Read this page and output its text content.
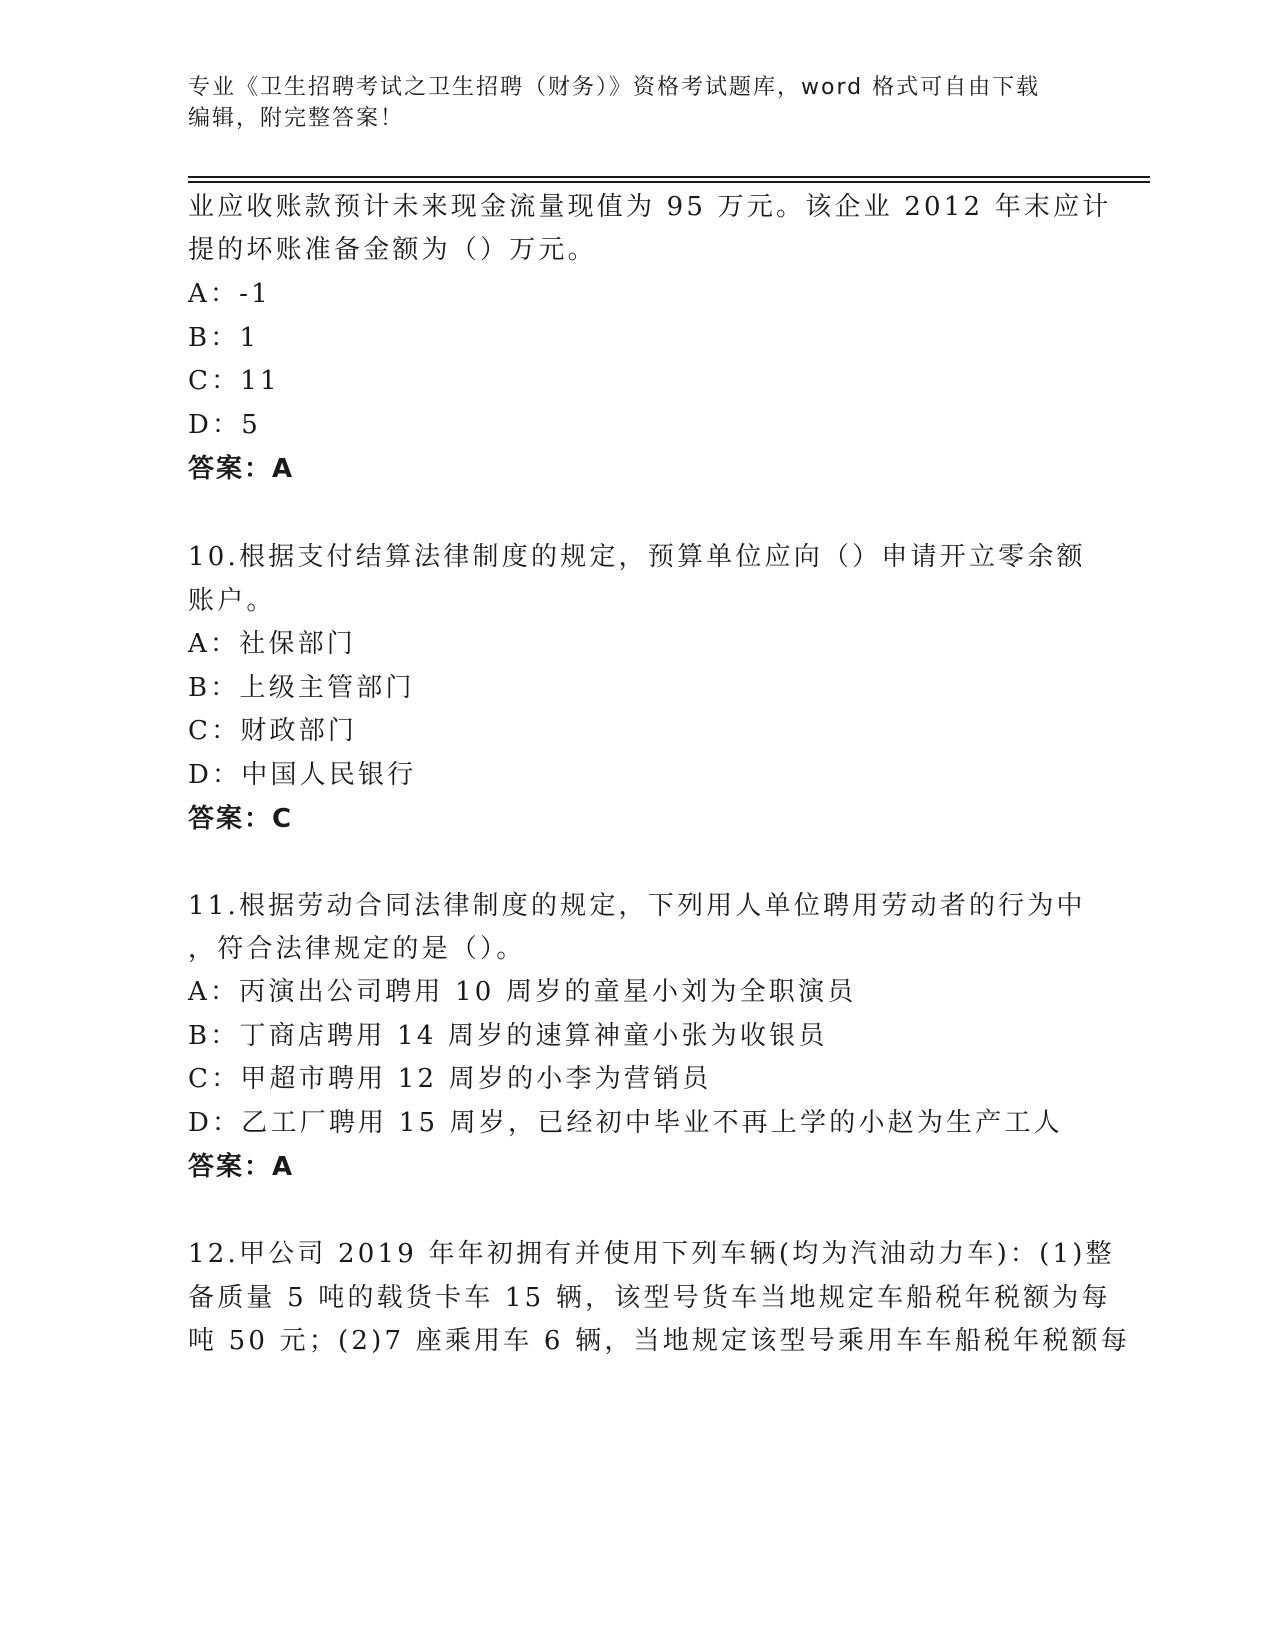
专业《卫生招聘考试之卫生招聘（财务）》资格考试题库，word 格式可自由下载
编辑，附完整答案！
业应收账款预计未来现金流量现值为 95 万元。该企业 2012 年末应计
提的坏账准备金额为（）万元。
A：-1
B：1
C：11
D：5
答案：A
10.根据支付结算法律制度的规定，预算单位应向（）申请开立零余额
账户。
A：社保部门
B：上级主管部门
C：财政部门
D：中国人民银行
答案：C
11.根据劳动合同法律制度的规定，下列用人单位聘用劳动者的行为中
，符合法律规定的是（）。
A：丙演出公司聘用 10 周岁的童星小刘为全职演员
B：丁商店聘用 14 周岁的速算神童小张为收银员
C：甲超市聘用 12 周岁的小李为营销员
D：乙工厂聘用 15 周岁，已经初中毕业不再上学的小赵为生产工人
答案：A
12.甲公司 2019 年年初拥有并使用下列车辆(均为汽油动力车)：(1)整
备质量 5 吨的载货卡车 15 辆，该型号货车当地规定车船税年税额为每
吨 50 元；(2)7 座乘用车 6 辆，当地规定该型号乘用车车船税年税额每
